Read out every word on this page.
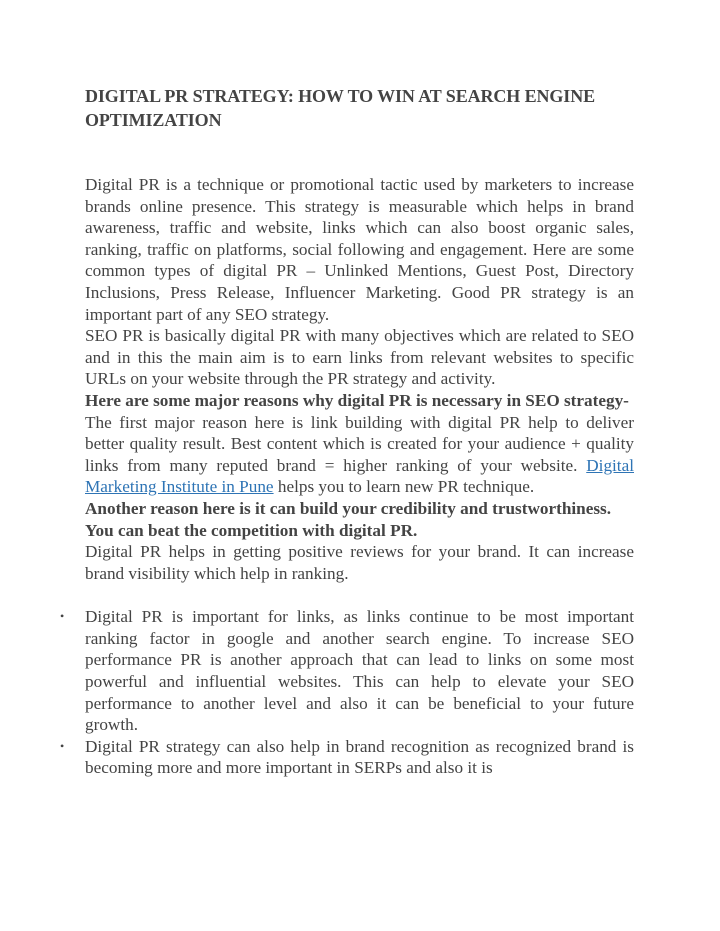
DIGITAL PR STRATEGY: HOW TO WIN AT SEARCH ENGINE OPTIMIZATION

Digital PR is a technique or promotional tactic used by marketers to increase brands online presence. This strategy is measurable which helps in brand awareness, traffic and website, links which can also boost organic sales, ranking, traffic on platforms, social following and engagement. Here are some common types of digital PR – Unlinked Mentions, Guest Post, Directory Inclusions, Press Release, Influencer Marketing. Good PR strategy is an important part of any SEO strategy.

SEO PR is basically digital PR with many objectives which are related to SEO and in this the main aim is to earn links from relevant websites to specific URLs on your website through the PR strategy and activity.

Here are some major reasons why digital PR is necessary in SEO strategy-

The first major reason here is link building with digital PR help to deliver better quality result. Best content which is created for your audience + quality links from many reputed brand = higher ranking of your website. Digital Marketing Institute in Pune helps you to learn new PR technique.

Another reason here is it can build your credibility and trustworthiness.

You can beat the competition with digital PR.

Digital PR helps in getting positive reviews for your brand. It can increase brand visibility which help in ranking.

• Digital PR is important for links, as links continue to be most important ranking factor in google and another search engine. To increase SEO performance PR is another approach that can lead to links on some most powerful and influential websites. This can help to elevate your SEO performance to another level and also it can be beneficial to your future growth.
• Digital PR strategy can also help in brand recognition as recognized brand is becoming more and more important in SERPs and also it is
